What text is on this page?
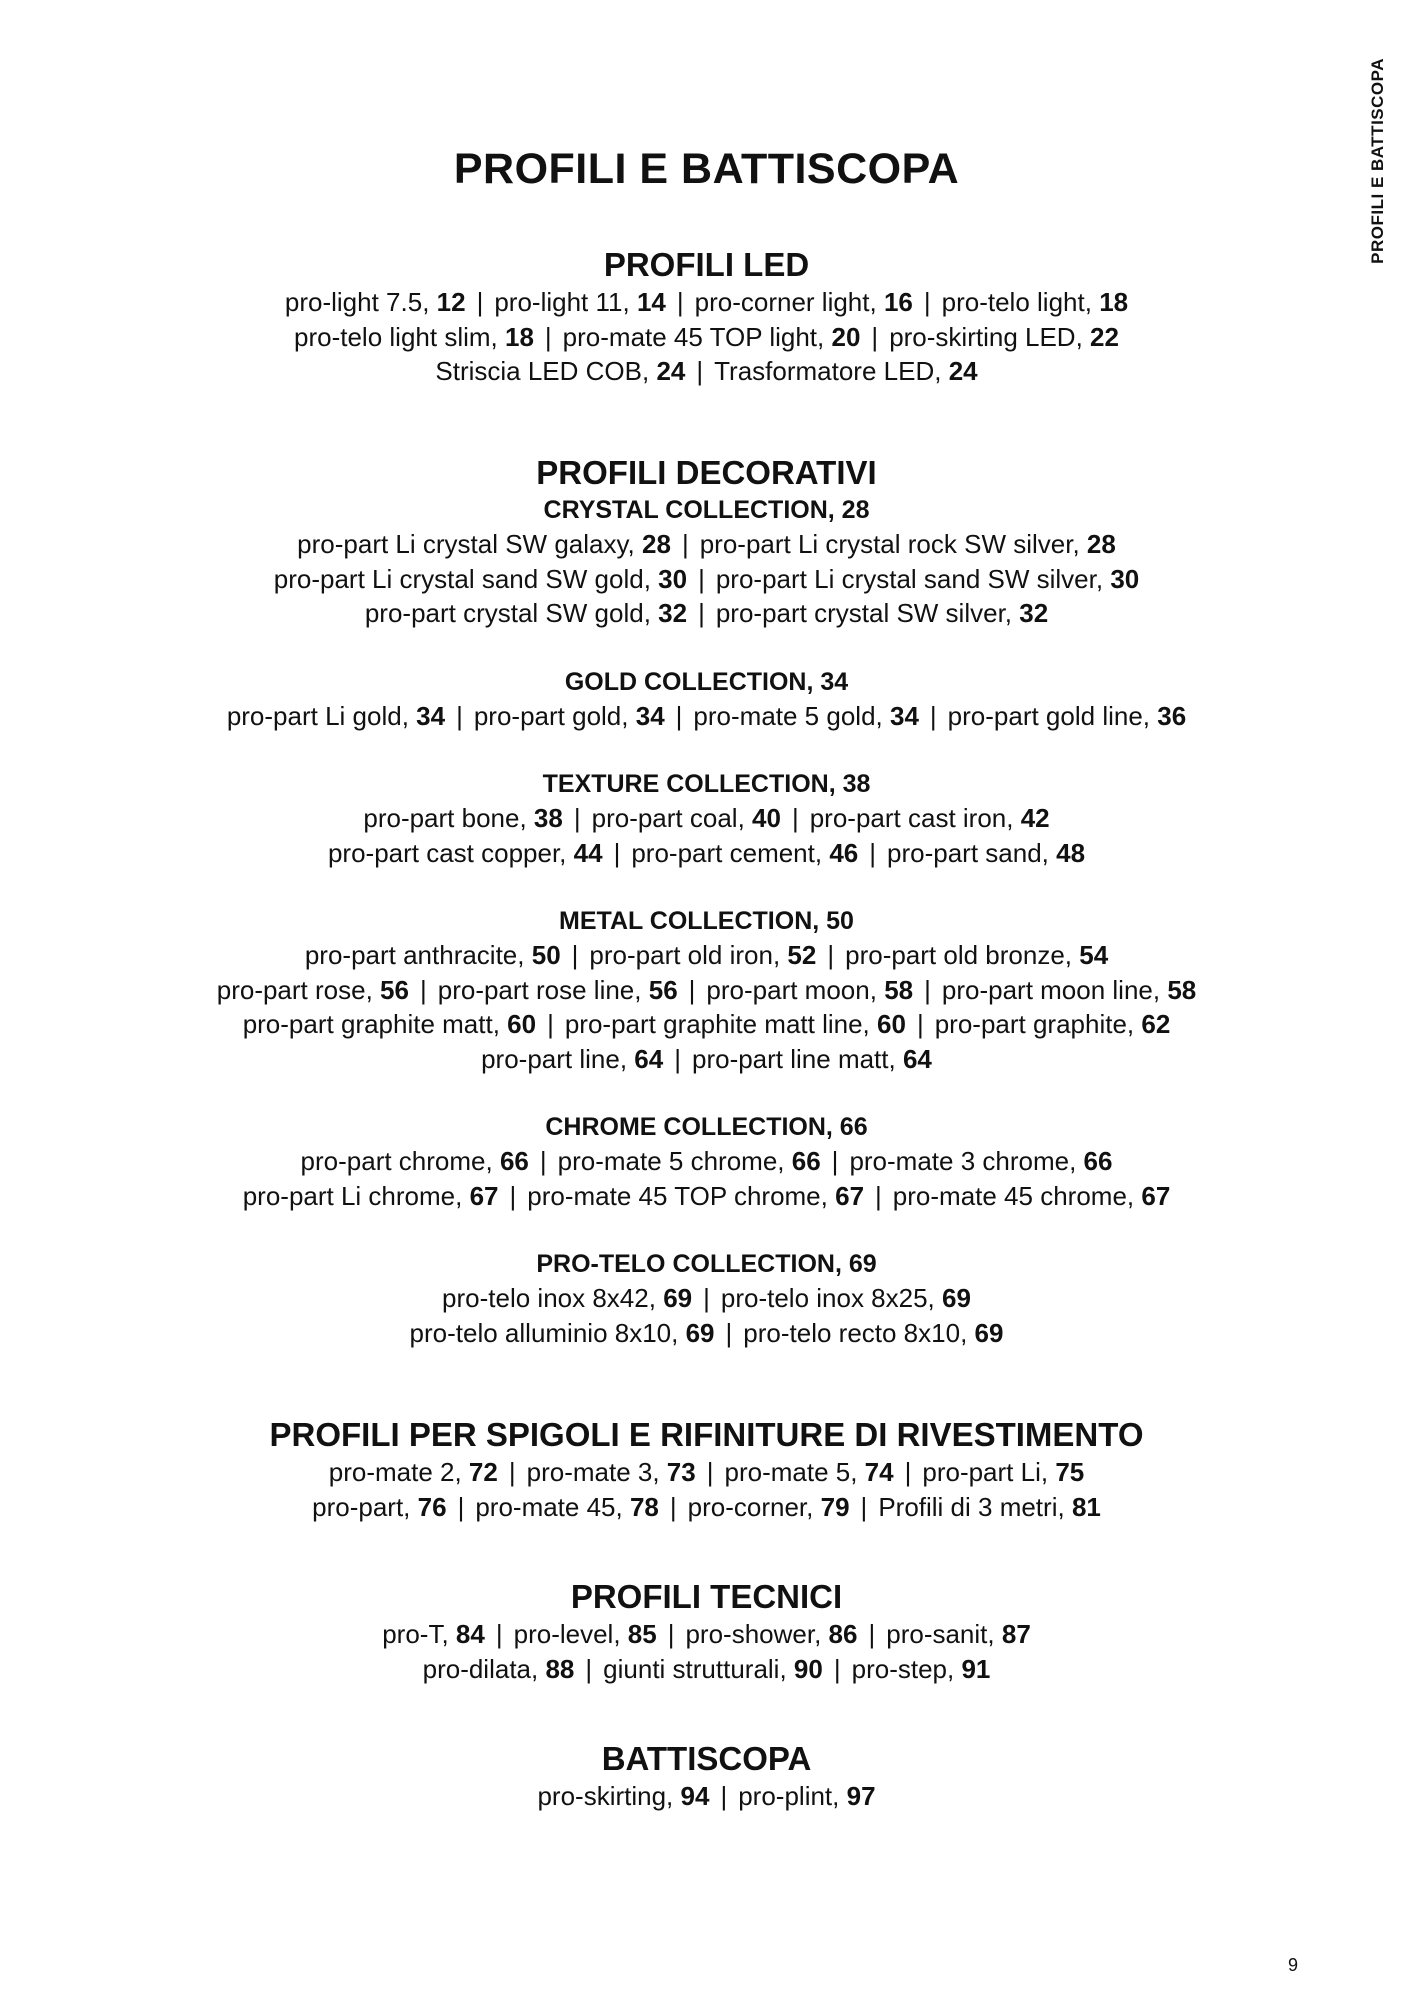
PROFILI E BATTISCOPA
PROFILI E BATTISCOPA
PROFILI LED
pro-light 7.5, 12 | pro-light 11, 14 | pro-corner light, 16 | pro-telo light, 18
pro-telo light slim, 18 | pro-mate 45 TOP light, 20 | pro-skirting LED, 22
Striscia LED COB, 24 | Trasformatore LED, 24
PROFILI DECORATIVI
CRYSTAL COLLECTION, 28
pro-part Li crystal SW galaxy, 28 | pro-part Li crystal rock SW silver, 28
pro-part Li crystal sand SW gold, 30 | pro-part Li crystal sand SW silver, 30
pro-part crystal SW gold, 32 | pro-part crystal SW silver, 32
GOLD COLLECTION, 34
pro-part Li gold, 34 | pro-part gold, 34 | pro-mate 5 gold, 34 | pro-part gold line, 36
TEXTURE COLLECTION, 38
pro-part bone, 38 | pro-part coal, 40 | pro-part cast iron, 42
pro-part cast copper, 44 | pro-part cement, 46 | pro-part sand, 48
METAL COLLECTION, 50
pro-part anthracite, 50 | pro-part old iron, 52 | pro-part old bronze, 54
pro-part rose, 56 | pro-part rose line, 56 | pro-part moon, 58 | pro-part moon line, 58
pro-part graphite matt, 60 | pro-part graphite matt line, 60 | pro-part graphite, 62
pro-part line, 64 | pro-part line matt, 64
CHROME COLLECTION, 66
pro-part chrome, 66 | pro-mate 5 chrome, 66 | pro-mate 3 chrome, 66
pro-part Li chrome, 67 | pro-mate 45 TOP chrome, 67 | pro-mate 45 chrome, 67
PRO-TELO COLLECTION, 69
pro-telo inox 8x42, 69 | pro-telo inox 8x25, 69
pro-telo alluminio 8x10, 69 | pro-telo recto 8x10, 69
PROFILI PER SPIGOLI E RIFINITURE DI RIVESTIMENTO
pro-mate 2, 72 | pro-mate 3, 73 | pro-mate 5, 74 | pro-part Li, 75
pro-part, 76 | pro-mate 45, 78 | pro-corner, 79 | Profili di 3 metri, 81
PROFILI TECNICI
pro-T, 84 | pro-level, 85 | pro-shower, 86 | pro-sanit, 87
pro-dilata, 88 | giunti strutturali, 90 | pro-step, 91
BATTISCOPA
pro-skirting, 94 | pro-plint, 97
9
